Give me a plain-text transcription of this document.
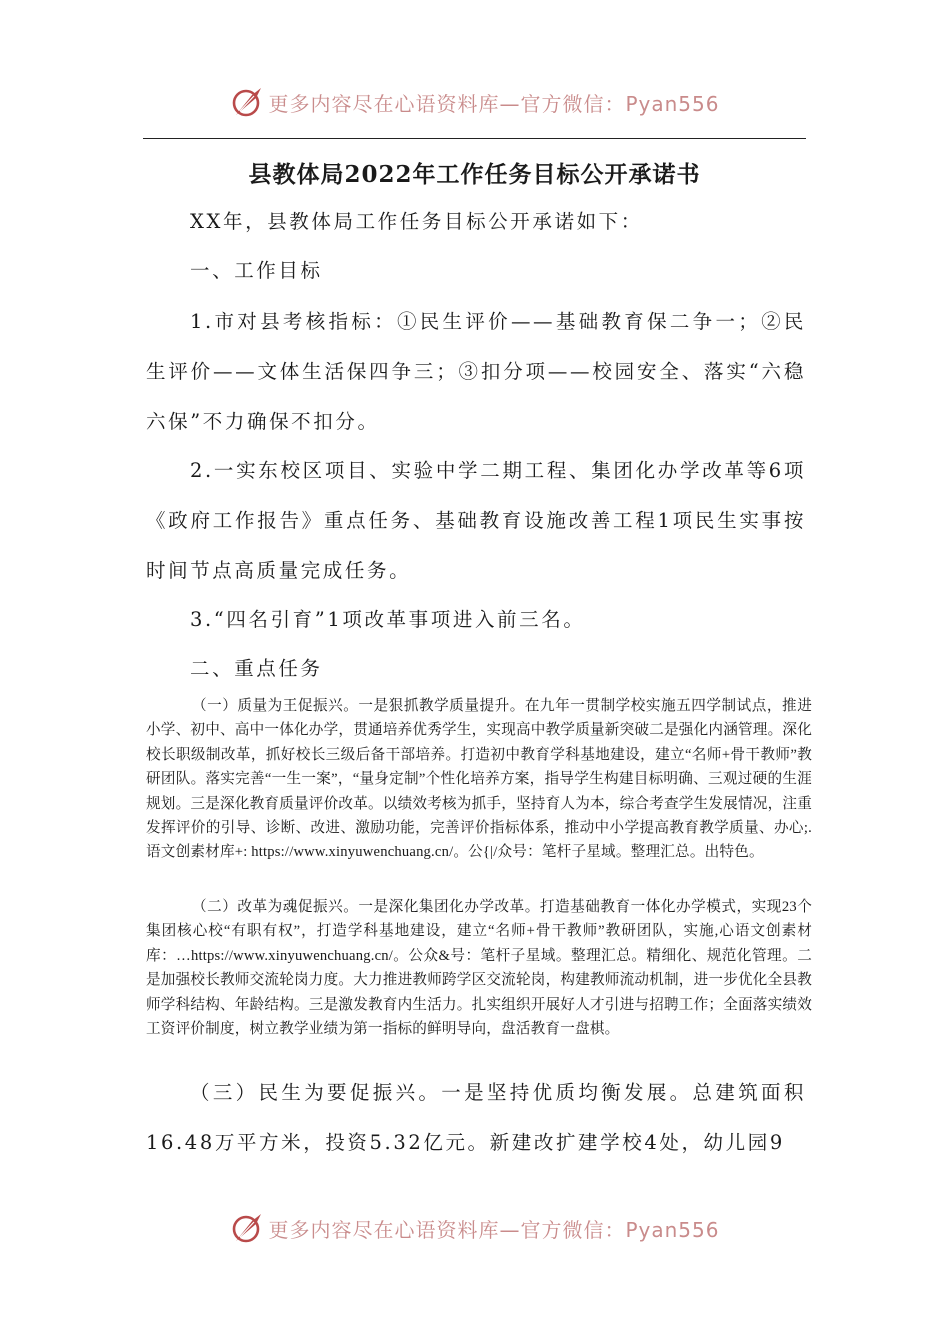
更多内容尽在心语资料库—官方微信：Pyan556
县教体局2022年工作任务目标公开承诺书

XX年，县教体局工作任务目标公开承诺如下：

一、工作目标

1.市对县考核指标：①民生评价——基础教育保二争一；②民生评价——文体生活保四争三；③扣分项——校园安全、落实“六稳六保”不力确保不扣分。

2.一实东校区项目、实验中学二期工程、集团化办学改革等6项《政府工作报告》重点任务、基础教育设施改善工程1项民生实事按时间节点高质量完成任务。

3.“四名引育”1项改革事项进入前三名。

二、重点任务

（一）质量为王促振兴。一是狠抓教学质量提升。在九年一贯制学校实施五四学制试点，推进小学、初中、高中一体化办学，贯通培养优秀学生，实现高中教学质量新突破二是强化内涵管理。深化校长职级制改革，抓好校长三级后备干部培养。打造初中教育学科基地建设，建立“名师+骨干教师”教研团队。落实完善“一生一案”，“量身定制”个性化培养方案，指导学生构建目标明确、三观过硬的生涯规划。三是深化教育质量评价改革。以绩效考核为抓手，坚持育人为本，综合考查学生发展情况，注重发挥评价的引导、诊断、改进、激励功能，完善评价指标体系，推动中小学提高教育教学质量、办心;.语文创素材库+: https://www.xinyuwenchuang.cn/。公{|/众号：笔杆子星域。整理汇总。出特色。

（二）改革为魂促振兴。一是深化集团化办学改革。打造基础教育一体化办学模式，实现23个集团核心校“有职有权”，打造学科基地建设，建立“名师+骨干教师”教研团队，实施,心语文创素材库：…https://www.xinyuwenchuang.cn/。公众&号：笔杆子星域。整理汇总。精细化、规范化管理。二是加强校长教师交流轮岗力度。大力推进教师跨学区交流轮岗，构建教师流动机制，进一步优化全县教师学科结构、年龄结构。三是激发教育内生活力。扎实组织开展好人才引进与招聘工作；全面落实绩效工资评价制度，树立教学业绩为第一指标的鲜明导向，盘活教育一盘棋。

（三）民生为要促振兴。一是坚持优质均衡发展。总建筑面积16.48万平方米，投资5.32亿元。新建改扩建学校4处，幼儿园9

更多内容尽在心语资料库—官方微信：Pyan556
